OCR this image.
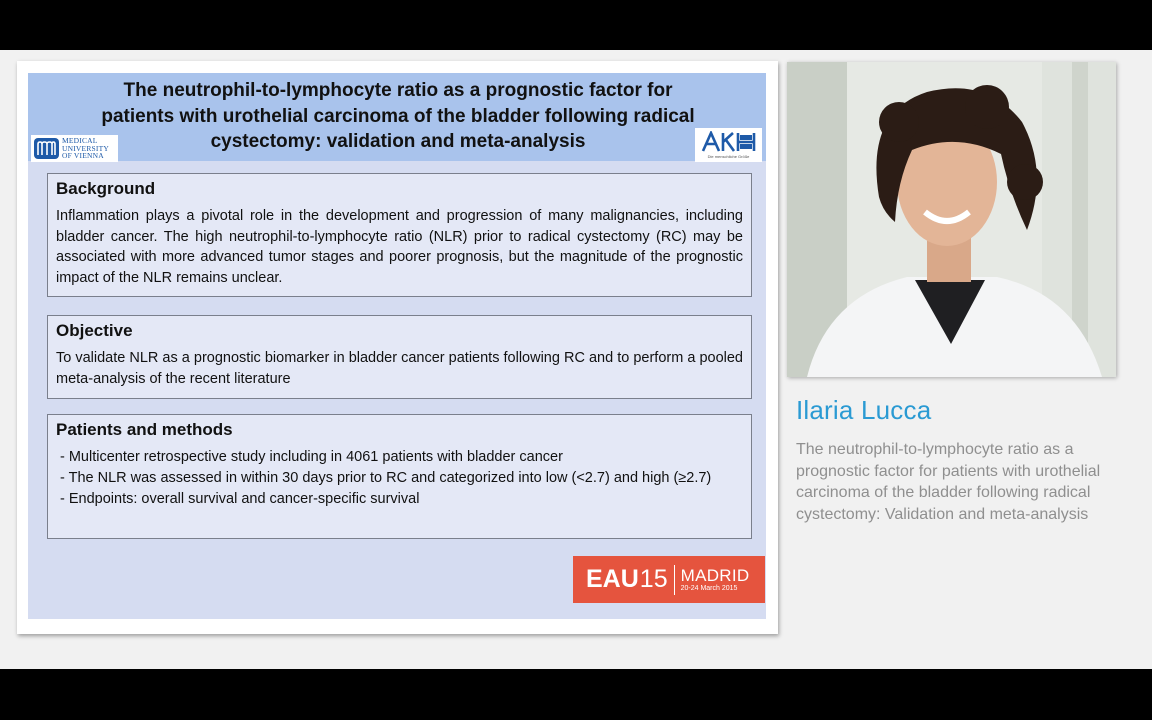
The neutrophil-to-lymphocyte ratio as a prognostic factor for patients with urothelial carcinoma of the bladder following radical cystectomy: validation and meta-analysis
MEDICAL
UNIVERSITY
OF VIENNA	Die menschliche Größe

Background

Inflammation plays a pivotal role in the development and progression of many malignancies, including bladder cancer. The high neutrophil-to-lymphocyte ratio (NLR) prior to radical cystectomy (RC) may be associated with more advanced tumor stages and poorer prognosis, but the magnitude of the prognostic impact of the NLR remains unclear.

Objective

To validate NLR as a prognostic biomarker in bladder cancer patients following RC and to perform a pooled meta-analysis of the recent literature

Patients and methods

- Multicenter retrospective study including in 4061 patients with bladder cancer
- The NLR was assessed in within 30 days prior to RC and categorized into low (<2.7) and high (≥2.7)
- Endpoints: overall survival and cancer-specific survival
EAU15 MADRID
20-24 March 2015
Ilaria Lucca

The neutrophil-to-lymphocyte ratio as a prognostic factor for patients with urothelial carcinoma of the bladder following radical cystectomy: Validation and meta-analysis
